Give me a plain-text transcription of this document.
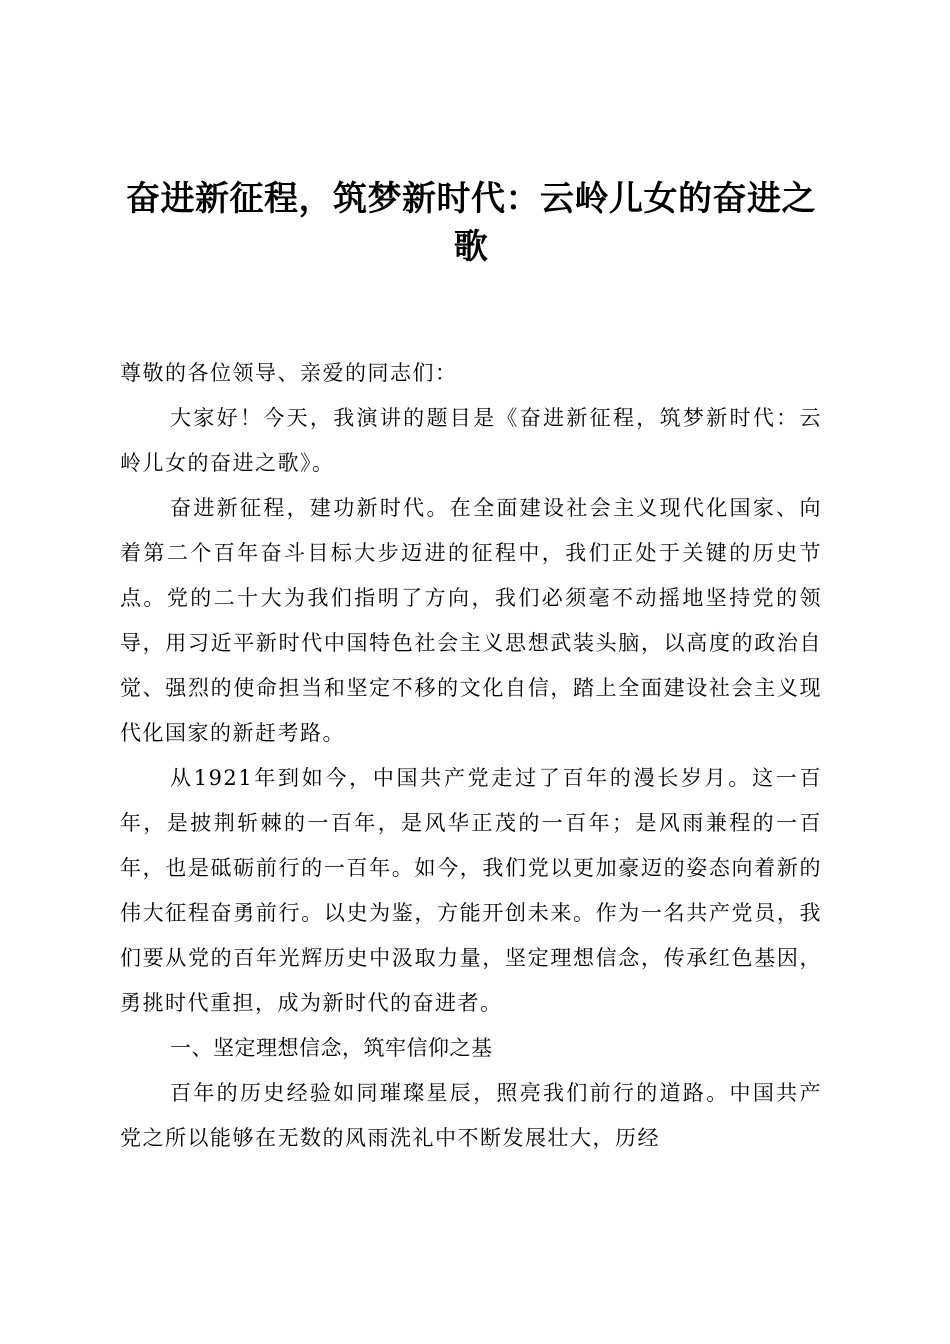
奋进新征程，筑梦新时代：云岭儿女的奋进之歌

尊敬的各位领导、亲爱的同志们：

大家好！今天，我演讲的题目是《奋进新征程，筑梦新时代：云岭儿女的奋进之歌》。

奋进新征程，建功新时代。在全面建设社会主义现代化国家、向着第二个百年奋斗目标大步迈进的征程中，我们正处于关键的历史节点。党的二十大为我们指明了方向，我们必须毫不动摇地坚持党的领导，用习近平新时代中国特色社会主义思想武装头脑，以高度的政治自觉、强烈的使命担当和坚定不移的文化自信，踏上全面建设社会主义现代化国家的新赶考路。

从1921年到如今，中国共产党走过了百年的漫长岁月。这一百年，是披荆斩棘的一百年，是风华正茂的一百年；是风雨兼程的一百年，也是砥砺前行的一百年。如今，我们党以更加豪迈的姿态向着新的伟大征程奋勇前行。以史为鉴，方能开创未来。作为一名共产党员，我们要从党的百年光辉历史中汲取力量，坚定理想信念，传承红色基因，勇挑时代重担，成为新时代的奋进者。

一、坚定理想信念，筑牢信仰之基

百年的历史经验如同璀璨星辰，照亮我们前行的道路。中国共产党之所以能够在无数的风雨洗礼中不断发展壮大，历经
